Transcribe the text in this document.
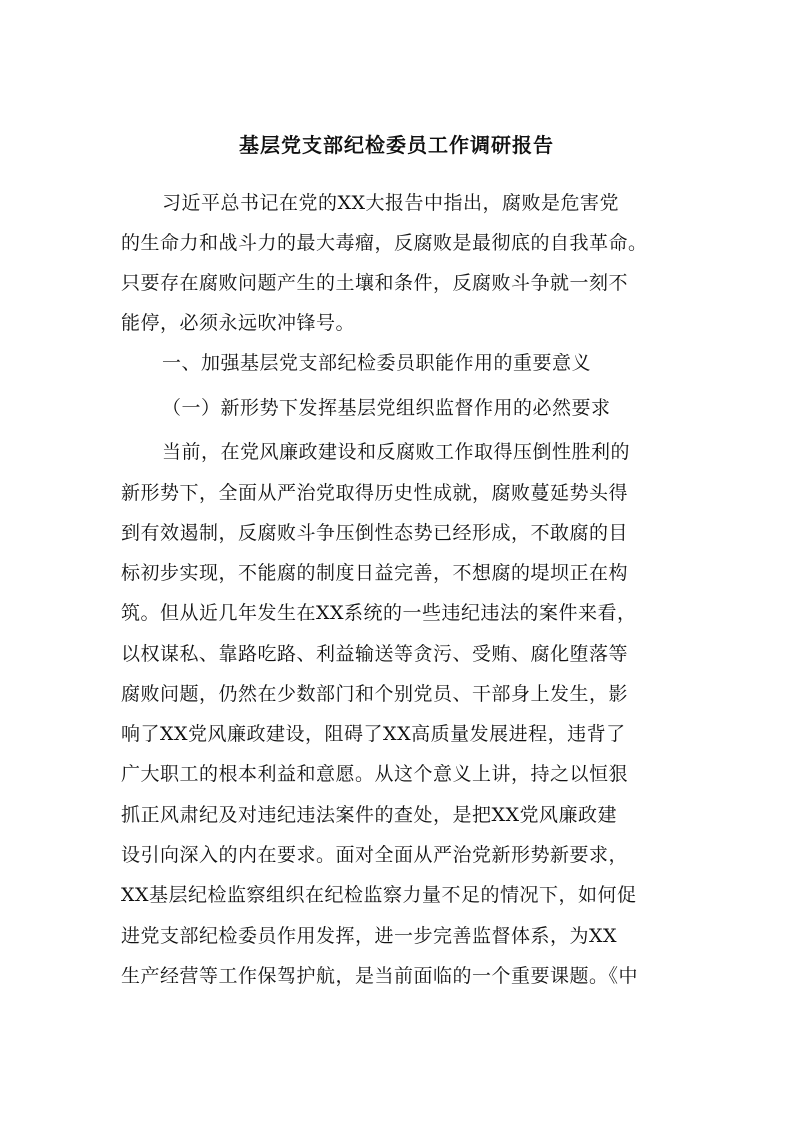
基层党支部纪检委员工作调研报告
习近平总书记在党的XX大报告中指出，腐败是危害党
的生命力和战斗力的最大毒瘤，反腐败是最彻底的自我革命。
只要存在腐败问题产生的土壤和条件，反腐败斗争就一刻不
能停，必须永远吹冲锋号。
一、加强基层党支部纪检委员职能作用的重要意义
（一）新形势下发挥基层党组织监督作用的必然要求
当前，在党风廉政建设和反腐败工作取得压倒性胜利的
新形势下，全面从严治党取得历史性成就，腐败蔓延势头得
到有效遏制，反腐败斗争压倒性态势已经形成，不敢腐的目
标初步实现，不能腐的制度日益完善，不想腐的堤坝正在构
筑。但从近几年发生在XX系统的一些违纪违法的案件来看，
以权谋私、靠路吃路、利益输送等贪污、受贿、腐化堕落等
腐败问题，仍然在少数部门和个别党员、干部身上发生，影
响了XX党风廉政建设，阻碍了XX高质量发展进程，违背了
广大职工的根本利益和意愿。从这个意义上讲，持之以恒狠
抓正风肃纪及对违纪违法案件的查处，是把XX党风廉政建
设引向深入的内在要求。面对全面从严治党新形势新要求，
XX基层纪检监察组织在纪检监察力量不足的情况下，如何促
进党支部纪检委员作用发挥，进一步完善监督体系，为XX
生产经营等工作保驾护航，是当前面临的一个重要课题。《中
